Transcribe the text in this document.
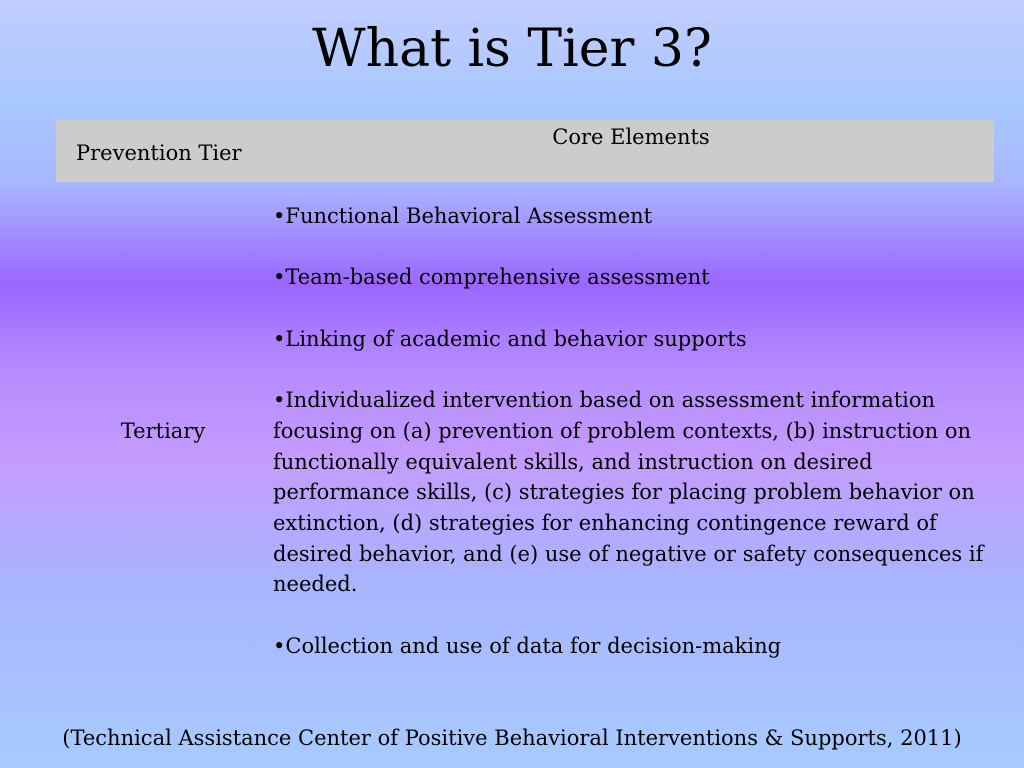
What is Tier 3?
Prevention Tier
Core Elements
Tertiary
•Functional Behavioral Assessment
•Team-based comprehensive assessment
•Linking of academic and behavior supports
•Individualized intervention based on assessment information focusing on (a) prevention of problem contexts, (b) instruction on functionally equivalent skills, and instruction on desired performance skills, (c) strategies for placing problem behavior on extinction, (d) strategies for enhancing contingence reward of desired behavior, and (e) use of negative or safety consequences if needed.
•Collection and use of data for decision-making
(Technical Assistance Center of Positive Behavioral Interventions & Supports, 2011)
